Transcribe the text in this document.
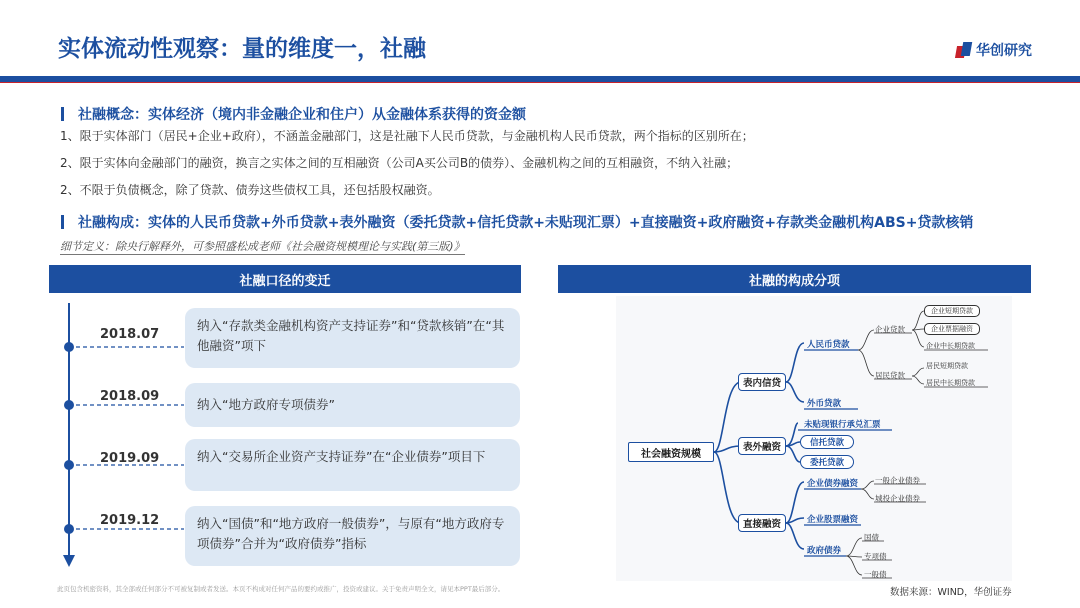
实体流动性观察：量的维度一，社融	华创研究
社融概念：实体经济（境内非金融企业和住户）从金融体系获得的资金额
1、限于实体部门（居民+企业+政府），不涵盖金融部门，这是社融下人民币贷款，与金融机构人民币贷款，两个指标的区别所在；
2、限于实体向金融部门的融资，换言之实体之间的互相融资（公司A买公司B的债券）、金融机构之间的互相融资，不纳入社融；
2、不限于负债概念，除了贷款、债券这些债权工具，还包括股权融资。
社融构成：实体的人民币贷款+外币贷款+表外融资（委托贷款+信托贷款+未贴现汇票）+直接融资+政府融资+存款类金融机构ABS+贷款核销
细节定义：除央行解释外，可参照盛松成老师《社会融资规模理论与实践(第三版)》
社融口径的变迁
2018.07
2018.09
2019.09
2019.12
纳入“存款类金融机构资产支持证券”和“贷款核销”在“其他融资”项下
纳入“地方政府专项债券”
纳入“交易所企业资产支持证券”在“企业债券”项目下
纳入“国债”和“地方政府一般债券”，与原有“地方政府专项债券”合并为“政府债券”指标
社融的构成分项
社会融资规模
表内信贷
表外融资
直接融资
人民币贷款
外币贷款
未贴现银行承兑汇票
信托贷款
委托贷款
企业债券融资
企业股票融资
政府债券
企业贷款
居民贷款
一般企业债券
城投企业债券
国债
专项债
一般债
企业短期贷款
企业票据融资
企业中长期贷款
居民短期贷款
居民中长期贷款
此页包含机密资料，其全部或任何部分不可被复制或者发送。本页不构成对任何产品的要约或推广，投资或建议。关于免责声明全文，请见本PPT最后部分。	数据来源：WIND，华创证券
